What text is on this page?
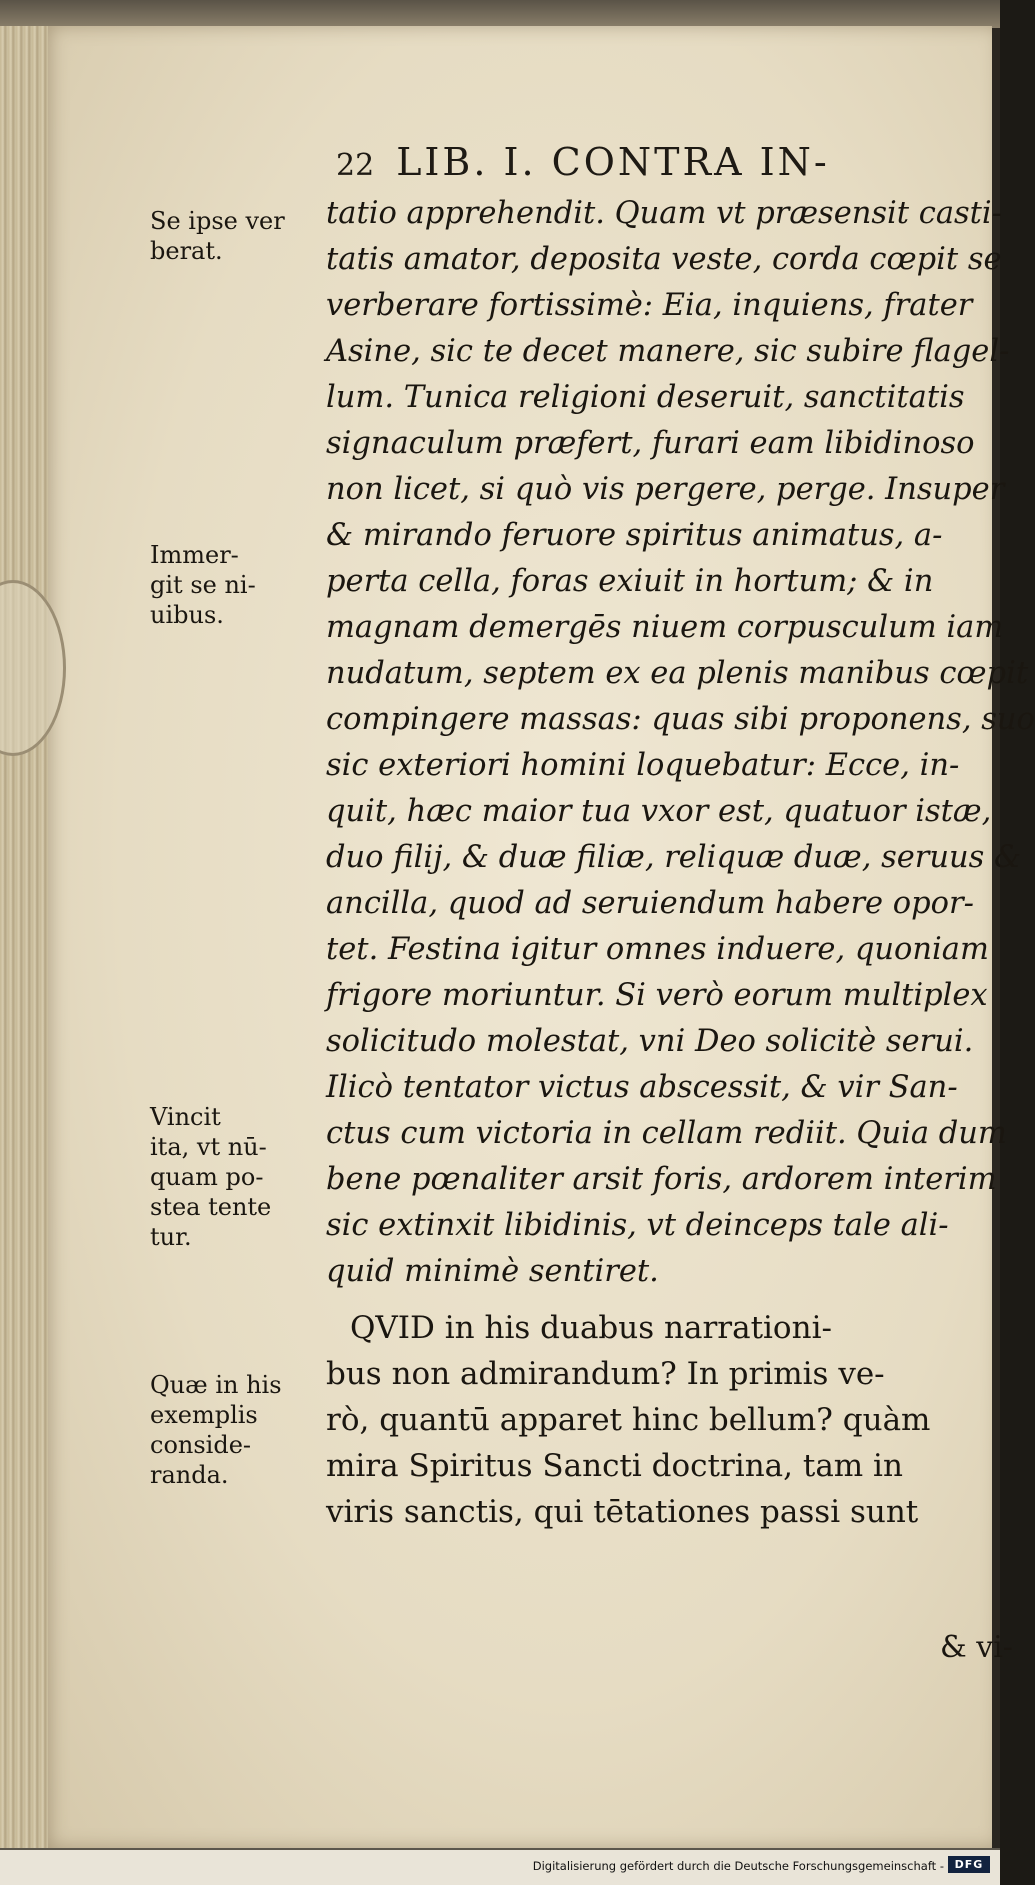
22 LIB. I. CONTRA IN-
tatio apprehendit. Quam vt præsensit casti-
tatis amator, deposita veste, corda cœpit se
verberare fortissimè: Eia, inquiens, frater
Asine, sic te decet manere, sic subire flagel-
lum. Tunica religioni deseruit, sanctitatis
signaculum præfert, furari eam libidinoso
non licet, si quò vis pergere, perge. Insuper
& mirando feruore spiritus animatus, a-
perta cella, foras exiuit in hortum; & in
magnam demergēs niuem corpusculum iam
nudatum, septem ex ea plenis manibus cœpit
compingere massas: quas sibi proponens, suo
sic exteriori homini loquebatur: Ecce, in-
quit, hæc maior tua vxor est, quatuor istæ,
duo filij, & duæ filiæ, reliquæ duæ, seruus &
ancilla, quod ad seruiendum habere opor-
tet. Festina igitur omnes induere, quoniam
frigore moriuntur. Si verò eorum multiplex
solicitudo molestat, vni Deo solicitè serui.
Ilicò tentator victus abscessit, & vir San-
ctus cum victoria in cellam rediit. Quia dum
bene pœnaliter arsit foris, ardorem interim
sic extinxit libidinis, vt deinceps tale ali-
quid minimè sentiret.
QVID in his duabus narrationi-
bus non admirandum? In primis ve-
rò, quantū apparet hinc bellum? quàm
mira Spiritus Sancti doctrina, tam in
viris sanctis, qui tētationes passi sunt
& vi-
Se ipse ver
berat.
Immer-
git se ni-
uibus.
Vincit
ita, vt nū-
quam po-
stea tente
tur.
Quæ in his
exemplis
conside-
randa.
Digitalisierung gefördert durch die Deutsche Forschungsgemeinschaft - DFG
